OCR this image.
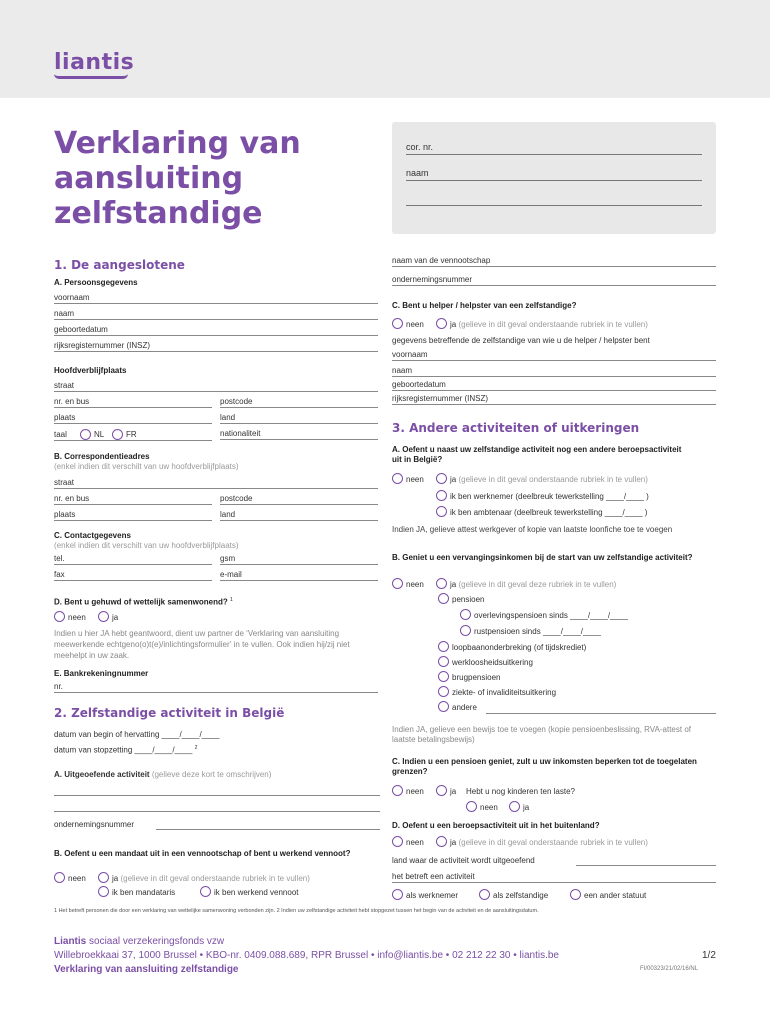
liantis
Verklaring van aansluiting zelfstandige
cor. nr.
naam
1. De aangeslotene
A. Persoonsgegevens
voornaam
naam
geboortedatum
rijksregisternummer (INSZ)
Hoofdverblijfplaats
straat
nr. en bus	postcode
plaats	land
taal	NL	FR	nationaliteit
B. Correspondentieadres
(enkel indien dit verschilt van uw hoofdverblijfplaats)
straat
nr. en bus	postcode
plaats	land
C. Contactgegevens
(enkel indien dit verschilt van uw hoofdverblijfplaats)
tel.	gsm
fax	e-mail
D. Bent u gehuwd of wettelijk samenwonend? $^1$
neen	ja
Indien u hier JA hebt geantwoord, dient uw partner de ‘Verklaring van aansluiting meewerkende echtgeno(o)t(e)/inlichtingsformulier’ in te vullen. Ook indien hij/zij niet meehelpt in uw zaak.
E. Bankrekeningnummer
nr.
2. Zelfstandige activiteit in België
datum van begin of hervatting ____/____/____
datum van stopzetting ____/____/____ $^2$
A. Uitgeoefende activiteit (gelieve deze kort te omschrijven)
ondernemingsnummer
B. Oefent u een mandaat uit in een vennootschap of bent u werkend vennoot?
neen	ja (gelieve in dit geval onderstaande rubriek in te vullen)
ik ben mandataris	ik ben werkend vennoot
naam van de vennootschap
ondernemingsnummer
C. Bent u helper / helpster van een zelfstandige?
neen	ja (gelieve in dit geval onderstaande rubriek in te vullen)
gegevens betreffende de zelfstandige van wie u de helper / helpster bent
voornaam
naam
geboortedatum
rijksregisternummer (INSZ)
3. Andere activiteiten of uitkeringen
A. Oefent u naast uw zelfstandige activiteit nog een andere beroepsactiviteit uit in België?
neen	ja (gelieve in dit geval onderstaande rubriek in te vullen)
ik ben werknemer (deelbreuk tewerkstelling ____/____ )
ik ben ambtenaar (deelbreuk tewerkstelling ____/____ )
Indien JA, gelieve attest werkgever of kopie van laatste loonfiche toe te voegen
B. Geniet u een vervangingsinkomen bij de start van uw zelfstandige activiteit?
neen	ja (gelieve in dit geval deze rubriek in te vullen)
pensioen
overlevingspensioen sinds ____/____/____
rustpensioen sinds ____/____/____
loopbaanonderbreking (of tijdskrediet)
werkloosheidsuitkering
brugpensioen
ziekte- of invaliditeitsuitkering
andere
Indien JA, gelieve een bewijs toe te voegen (kopie pensioenbeslissing, RVA-attest of laatste betalingsbewijs)
C. Indien u een pensioen geniet, zult u uw inkomsten beperken tot de toegelaten grenzen?
neen	ja Hebt u nog kinderen ten laste?
neen	ja
D. Oefent u een beroepsactiviteit uit in het buitenland?
neen	ja (gelieve in dit geval onderstaande rubriek in te vullen)
land waar de activiteit wordt uitgeoefend
het betreft een activiteit
als werknemer	als zelfstandige	een ander statuut
1 Het betreft personen die door een verklaring van wettelijke samenwoning verbonden zijn. 2 Indien uw zelfstandige activiteit hebt stopgezet tussen het begin van de activiteit en de aansluitingsdatum.
Liantis sociaal verzekeringsfonds vzw
Willebroekkaai 37, 1000 Brussel • KBO-nr. 0409.088.689, RPR Brussel • info@liantis.be • 02 212 22 30 • liantis.be
Verklaring van aansluiting zelfstandige
1/2
FI/00323/21/02/16/NL
